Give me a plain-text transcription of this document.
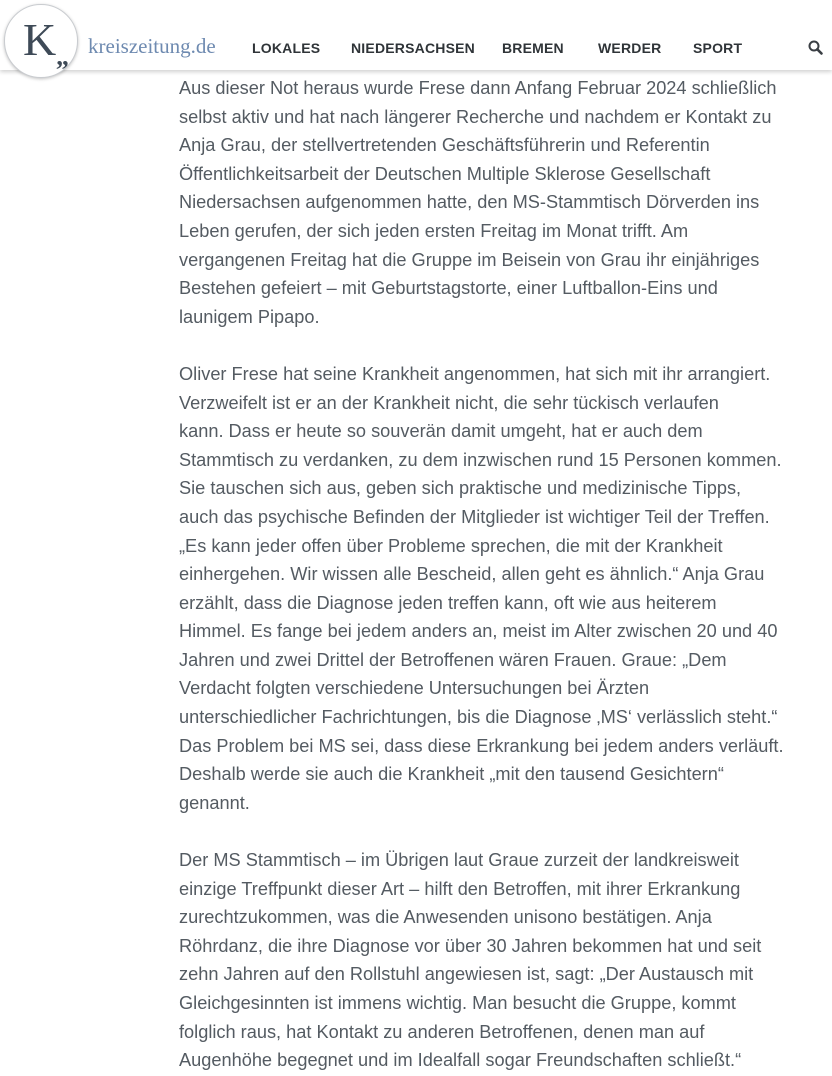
kreiszeitung.de	LOKALES NIEDERSACHSEN BREMEN WERDER SPORT
K „

Aus dieser Not heraus wurde Frese dann Anfang Februar 2024 schließlich
selbst aktiv und hat nach längerer Recherche und nachdem er Kontakt zu
Anja Grau, der stellvertretenden Geschäftsführerin und Referentin
Öffentlichkeitsarbeit der Deutschen Multiple Sklerose Gesellschaft
Niedersachsen aufgenommen hatte, den MS-Stammtisch Dörverden ins
Leben gerufen, der sich jeden ersten Freitag im Monat trifft. Am
vergangenen Freitag hat die Gruppe im Beisein von Grau ihr einjähriges
Bestehen gefeiert – mit Geburtstagstorte, einer Luftballon-Eins und
launigem Pipapo.

Oliver Frese hat seine Krankheit angenommen, hat sich mit ihr arrangiert.
Verzweifelt ist er an der Krankheit nicht, die sehr tückisch verlaufen
kann. Dass er heute so souverän damit umgeht, hat er auch dem
Stammtisch zu verdanken, zu dem inzwischen rund 15 Personen kommen.
Sie tauschen sich aus, geben sich praktische und medizinische Tipps,
auch das psychische Befinden der Mitglieder ist wichtiger Teil der Treffen.
„Es kann jeder offen über Probleme sprechen, die mit der Krankheit
einhergehen. Wir wissen alle Bescheid, allen geht es ähnlich.“ Anja Grau
erzählt, dass die Diagnose jeden treffen kann, oft wie aus heiterem
Himmel. Es fange bei jedem anders an, meist im Alter zwischen 20 und 40
Jahren und zwei Drittel der Betroffenen wären Frauen. Graue: „Dem
Verdacht folgten verschiedene Untersuchungen bei Ärzten
unterschiedlicher Fachrichtungen, bis die Diagnose ‚MS‘ verlässlich steht.“
Das Problem bei MS sei, dass diese Erkrankung bei jedem anders verläuft.
Deshalb werde sie auch die Krankheit „mit den tausend Gesichtern“
genannt.

Der MS Stammtisch – im Übrigen laut Graue zurzeit der landkreisweit
einzige Treffpunkt dieser Art – hilft den Betroffen, mit ihrer Erkrankung
zurechtzukommen, was die Anwesenden unisono bestätigen. Anja
Röhrdanz, die ihre Diagnose vor über 30 Jahren bekommen hat und seit
zehn Jahren auf den Rollstuhl angewiesen ist, sagt: „Der Austausch mit
Gleichgesinnten ist immens wichtig. Man besucht die Gruppe, kommt
folglich raus, hat Kontakt zu anderen Betroffenen, denen man auf
Augenhöhe begegnet und im Idealfall sogar Freundschaften schließt.“
